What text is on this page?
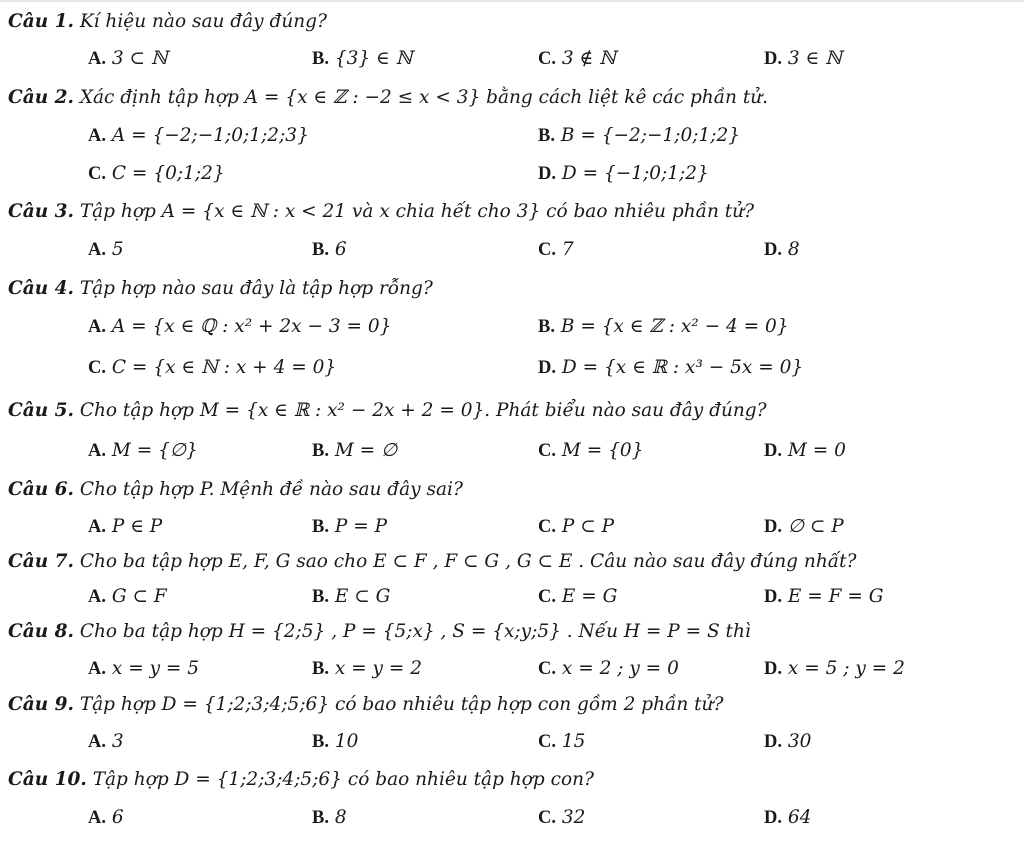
Câu 1. Kí hiệu nào sau đây đúng?
A. 3 ⊂ ℕ	B. {3} ∈ ℕ	C. 3 ∉ ℕ	D. 3 ∈ ℕ
Câu 2. Xác định tập hợp A = {x ∈ ℤ : −2 ≤ x < 3} bằng cách liệt kê các phần tử.
A. A = {−2;−1;0;1;2;3}	B. B = {−2;−1;0;1;2}
C. C = {0;1;2}	D. D = {−1;0;1;2}
Câu 3. Tập hợp A = {x ∈ ℕ : x < 21 và x chia hết cho 3} có bao nhiêu phần tử?
A. 5	B. 6	C. 7	D. 8
Câu 4. Tập hợp nào sau đây là tập hợp rỗng?
A. A = {x ∈ ℚ : x² + 2x − 3 = 0}	B. B = {x ∈ ℤ : x² − 4 = 0}
C. C = {x ∈ ℕ : x + 4 = 0}	D. D = {x ∈ ℝ : x³ − 5x = 0}
Câu 5. Cho tập hợp M = {x ∈ ℝ : x² − 2x + 2 = 0}. Phát biểu nào sau đây đúng?
A. M = {∅}	B. M = ∅	C. M = {0}	D. M = 0
Câu 6. Cho tập hợp P. Mệnh đề nào sau đây sai?
A. P ∈ P	B. P = P	C. P ⊂ P	D. ∅ ⊂ P
Câu 7. Cho ba tập hợp E, F, G sao cho E ⊂ F , F ⊂ G , G ⊂ E . Câu nào sau đây đúng nhất?
A. G ⊂ F	B. E ⊂ G	C. E = G	D. E = F = G
Câu 8. Cho ba tập hợp H = {2;5} , P = {5;x} , S = {x;y;5} . Nếu H = P = S thì
A. x = y = 5	B. x = y = 2	C. x = 2 ; y = 0	D. x = 5 ; y = 2
Câu 9. Tập hợp D = {1;2;3;4;5;6} có bao nhiêu tập hợp con gồm 2 phần tử?
A. 3	B. 10	C. 15	D. 30
Câu 10. Tập hợp D = {1;2;3;4;5;6} có bao nhiêu tập hợp con?
A. 6	B. 8	C. 32	D. 64
